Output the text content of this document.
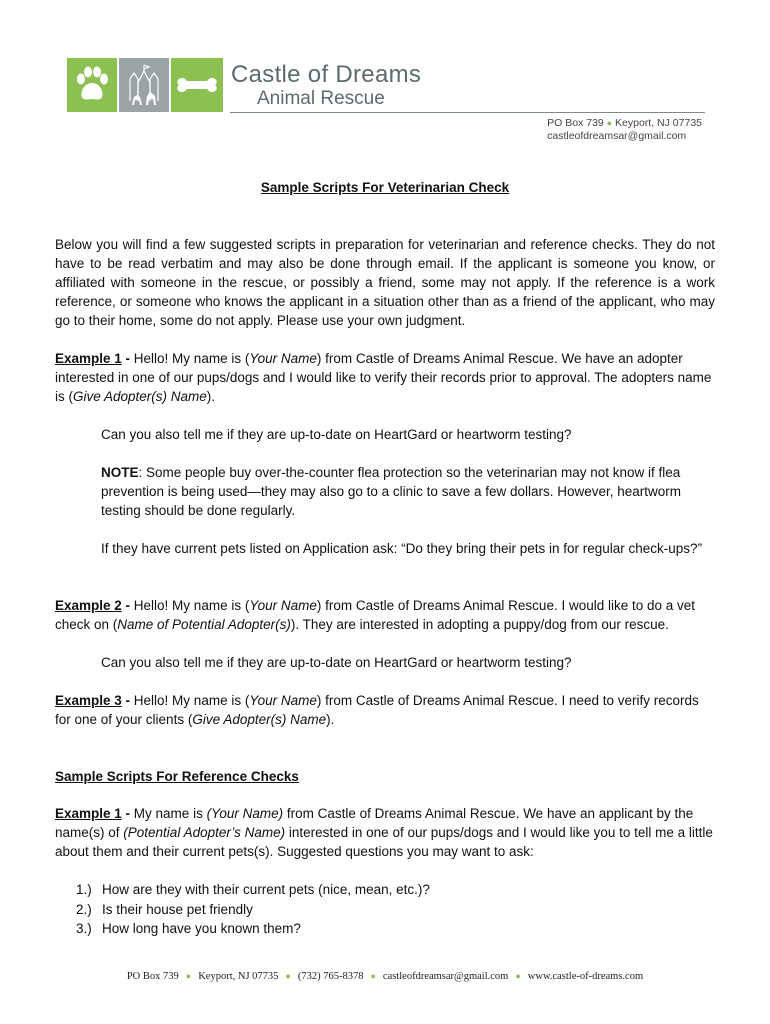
Castle of Dreams
Animal Rescue
PO Box 739 ● Keyport, NJ 07735
castleofdreamsar@gmail.com
Sample Scripts For Veterinarian Check
Below you will find a few suggested scripts in preparation for veterinarian and reference checks. They do not have to be read verbatim and may also be done through email. If the applicant is someone you know, or affiliated with someone in the rescue, or possibly a friend, some may not apply. If the reference is a work reference, or someone who knows the applicant in a situation other than as a friend of the applicant, who may go to their home, some do not apply. Please use your own judgment.
Example 1 - Hello! My name is (Your Name) from Castle of Dreams Animal Rescue. We have an adopter interested in one of our pups/dogs and I would like to verify their records prior to approval. The adopters name is (Give Adopter(s) Name).
Can you also tell me if they are up-to-date on HeartGard or heartworm testing?
NOTE: Some people buy over-the-counter flea protection so the veterinarian may not know if flea prevention is being used—they may also go to a clinic to save a few dollars. However, heartworm testing should be done regularly.
If they have current pets listed on Application ask: “Do they bring their pets in for regular check-ups?”
Example 2 - Hello! My name is (Your Name) from Castle of Dreams Animal Rescue. I would like to do a vet check on (Name of Potential Adopter(s)). They are interested in adopting a puppy/dog from our rescue.
Can you also tell me if they are up-to-date on HeartGard or heartworm testing?
Example 3 - Hello! My name is (Your Name) from Castle of Dreams Animal Rescue. I need to verify records for one of your clients (Give Adopter(s) Name).
Sample Scripts For Reference Checks
Example 1 - My name is (Your Name) from Castle of Dreams Animal Rescue. We have an applicant by the name(s) of (Potential Adopter’s Name) interested in one of our pups/dogs and I would like you to tell me a little about them and their current pets(s). Suggested questions you may want to ask:
1.) How are they with their current pets (nice, mean, etc.)?
2.) Is their house pet friendly
3.) How long have you known them?
PO Box 739 ● Keyport, NJ 07735 ● (732) 765-8378 ● castleofdreamsar@gmail.com ● www.castle-of-dreams.com
